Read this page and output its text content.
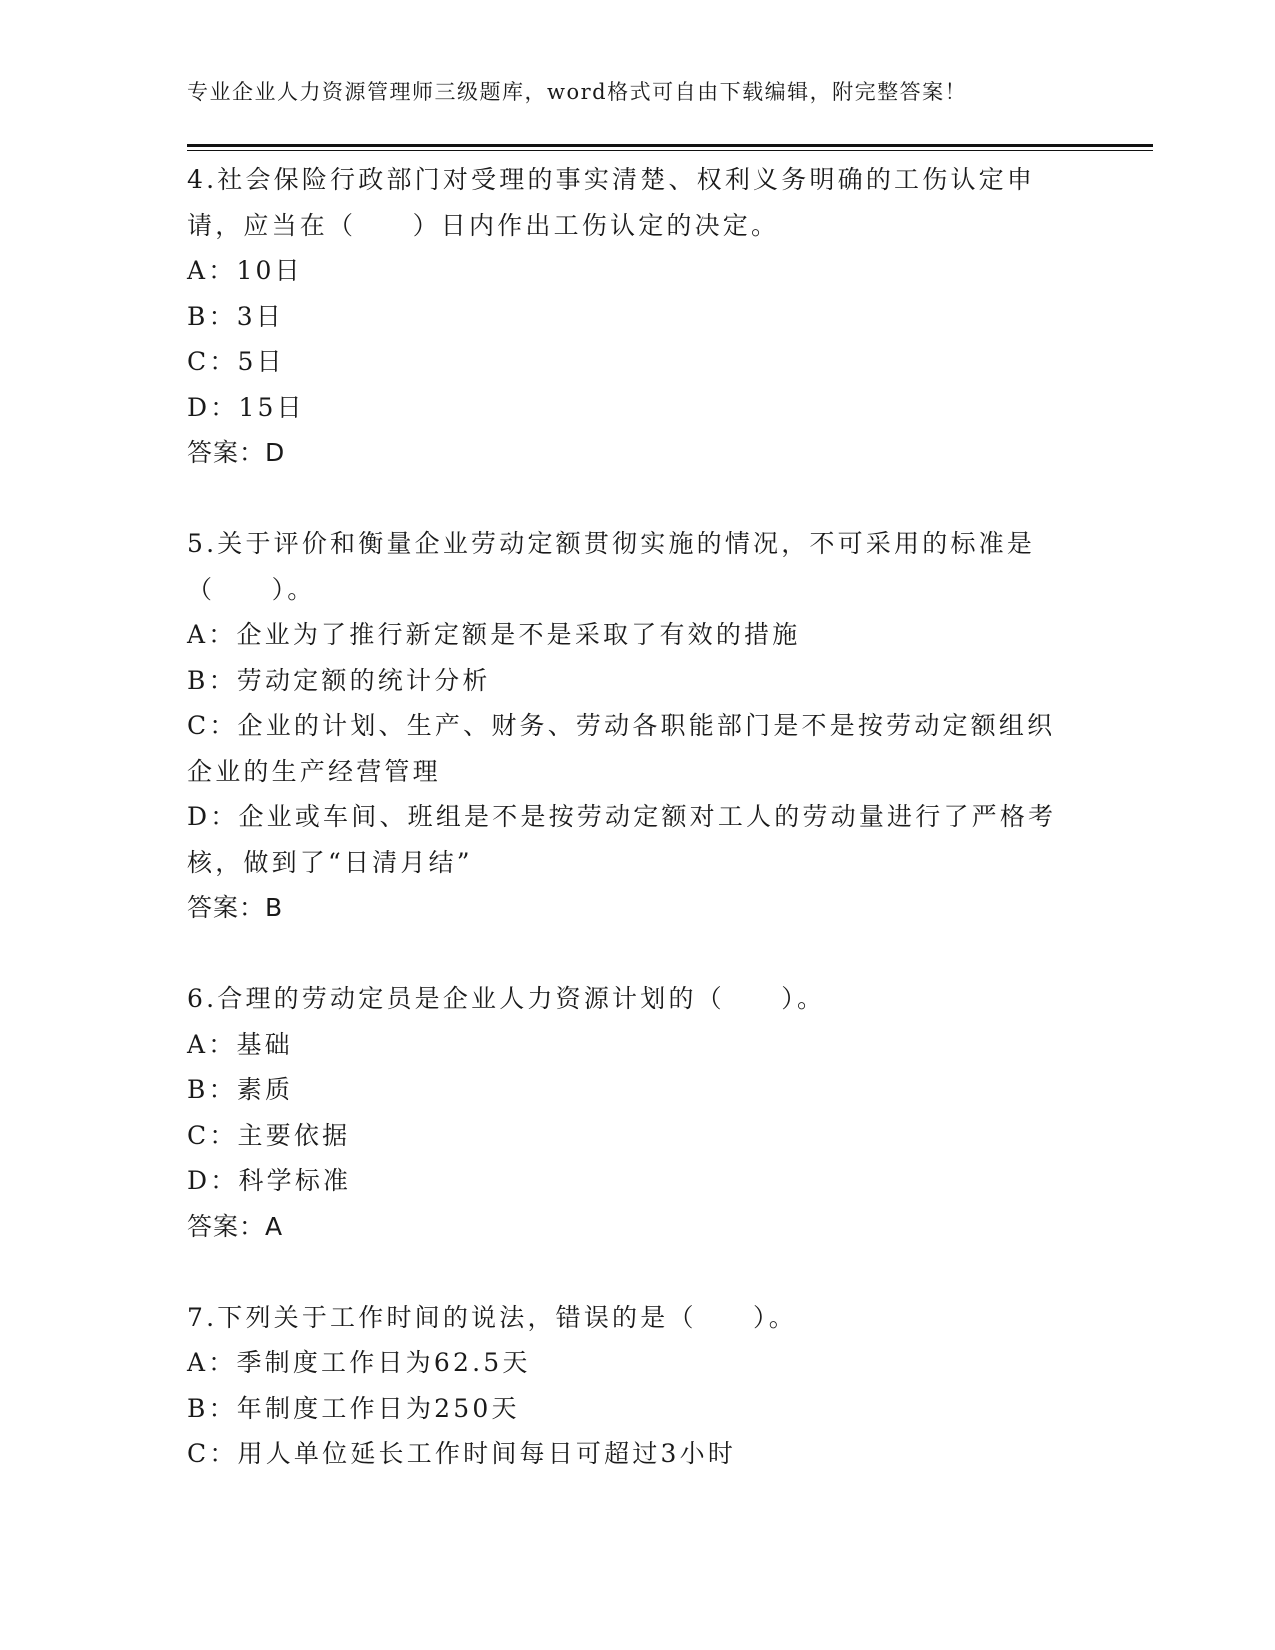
专业企业人力资源管理师三级题库，word格式可自由下载编辑，附完整答案！
4.社会保险行政部门对受理的事实清楚、权利义务明确的工伤认定申
请，应当在（　　）日内作出工伤认定的决定。
A：10日
B：3日
C：5日
D：15日
答案：D
5.关于评价和衡量企业劳动定额贯彻实施的情况，不可采用的标准是
（　　）。
A：企业为了推行新定额是不是采取了有效的措施
B：劳动定额的统计分析
C：企业的计划、生产、财务、劳动各职能部门是不是按劳动定额组织
企业的生产经营管理
D：企业或车间、班组是不是按劳动定额对工人的劳动量进行了严格考
核，做到了“日清月结”
答案：B
6.合理的劳动定员是企业人力资源计划的（　　）。
A：基础
B：素质
C：主要依据
D：科学标准
答案：A
7.下列关于工作时间的说法，错误的是（　　）。
A：季制度工作日为62.5天
B：年制度工作日为250天
C：用人单位延长工作时间每日可超过3小时
